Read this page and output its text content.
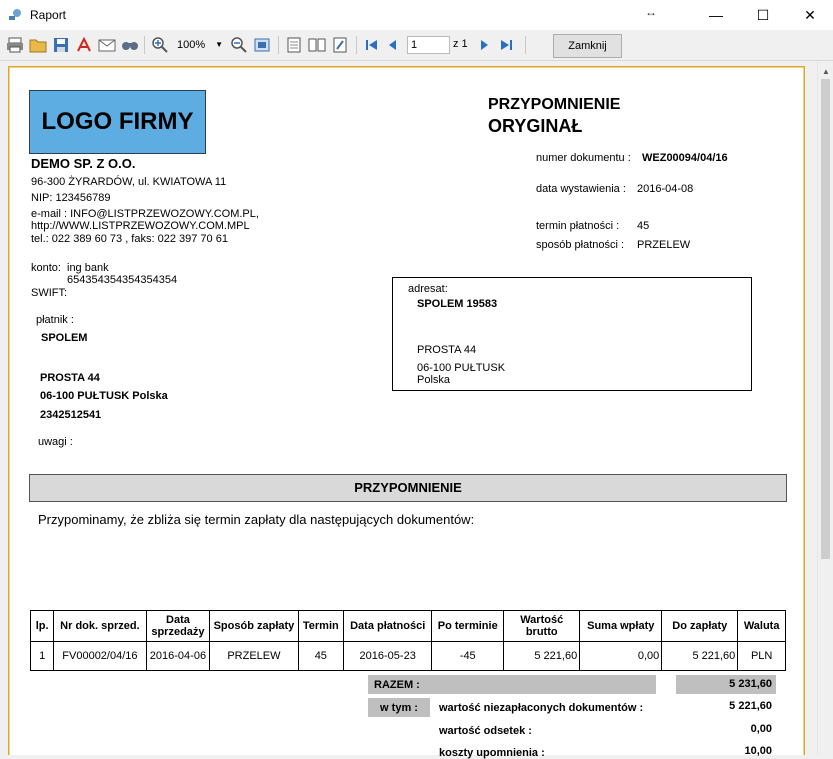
Raport	↔	—	☐	✕
100% ▼	1	z 1	Zamknij
▲
LOGO FIRMY
PRZYPOMNIENIE
ORYGINAŁ
DEMO SP. Z O.O.
96-300 ŻYRARDÓW, ul. KWIATOWA 11
NIP: 123456789
e-mail : INFO@LISTPRZEWOZOWY.COM.PL,
http://WWW.LISTPRZEWOZOWY.COM.MPL
tel.: 022 389 60 73 , faks: 022 397 70 61
konto: ing bank
654354354354354354
SWIFT:
numer dokumentu : WEZ00094/04/16
data wystawienia : 2016-04-08
termin płatności : 45
sposób płatności : PRZELEW
płatnik :
SPOLEM
PROSTA 44
06-100 PUŁTUSK Polska
2342512541
uwagi :
adresat:
SPOLEM 19583
PROSTA 44
06-100 PUŁTUSK
Polska
PRZYPOMNIENIE
Przypominamy, że zbliża się termin zapłaty dla następujących dokumentów:
lp.	Nr dok. sprzed.	Data sprzedaży	Sposób zapłaty	Termin	Data płatności	Po terminie	Wartość brutto	Suma wpłaty	Do zapłaty	Waluta
1	FV00002/04/16	2016-04-06	PRZELEW	45	2016-05-23	-45	5 221,60	0,00	5 221,60	PLN
RAZEM :	5 231,60
w tym :	wartość niezapłaconych dokumentów :	5 221,60
wartość odsetek :	0,00
koszty upomnienia :	10,00
